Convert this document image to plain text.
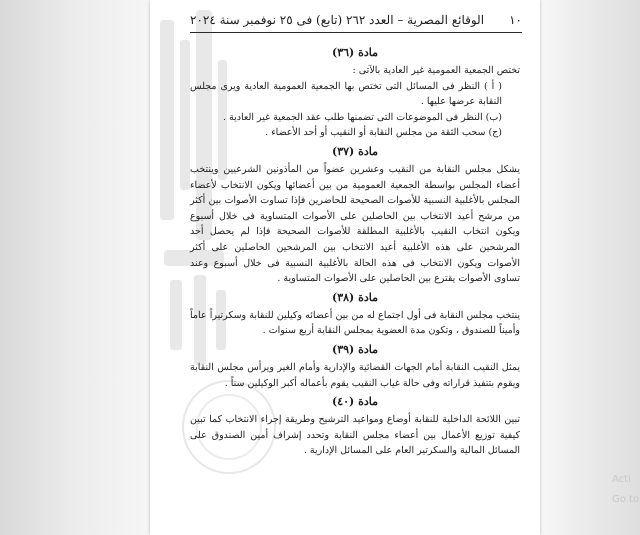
١٠
الوقائع المصرية – العدد ٢٦٢ (تابع) فى ٢٥ نوفمبر سنة ٢٠٢٤
مادة (٣٦)

تختص الجمعية العمومية غير العادية بالآتى :

( أ ) النظر فى المسائل التى تختص بها الجمعية العمومية العادية ويرى مجلس النقابة عرضها عليها .

(ب) النظر فى الموضوعات التى تضمنها طلب عقد الجمعية غير العادية .

(ج) سحب الثقة من مجلس النقابة أو النقيب أو أحد الأعضاء .

مادة (٣٧)

يشكل مجلس النقابة من النقيب وعشرين عضواً من المأذونين الشرعيين وينتخب أعضاء المجلس بواسطة الجمعية العمومية من بين أعضائها ويكون الانتخاب لأعضاء المجلس بالأغلبية النسبية للأصوات الصحيحة للحاضرين فإذا تساوت الأصوات بين أكثر من مرشح أعيد الانتخاب بين الحاصلين على الأصوات المتساوية فى خلال أسبوع ويكون انتخاب النقيب بالأغلبية المطلقة للأصوات الصحيحة فإذا لم يحصل أحد المرشحين على هذه الأغلبية أعيد الانتخاب بين المرشحين الحاصلين على أكثر الأصوات ويكون الانتخاب فى هذه الحالة بالأغلبية النسبية فى خلال أسبوع وعند تساوى الأصوات يقترع بين الحاصلين على الأصوات المتساوية .

مادة (٣٨)

ينتخب مجلس النقابة فى أول اجتماع له من بين أعضائه وكيلين للنقابة وسكرتيراً عاماً وأميناً للصندوق ، وتكون مدة العضوية بمجلس النقابة أربع سنوات .

مادة (٣٩)

يمثل النقيب النقابة أمام الجهات القضائية والإدارية وأمام الغير ويرأس مجلس النقابة ويقوم بتنفيذ قراراته وفى حالة غياب النقيب يقوم بأعماله أكبر الوكيلين سناً .

مادة (٤٠)

تبين اللائحة الداخلية للنقابة أوضاع ومواعيد الترشيح وطريقة إجراء الانتخاب كما تبين كيفية توزيع الأعمال بين أعضاء مجلس النقابة وتحدد إشراف أمين الصندوق على المسائل المالية والسكرتير العام على المسائل الإدارية .

Acti
Go to
